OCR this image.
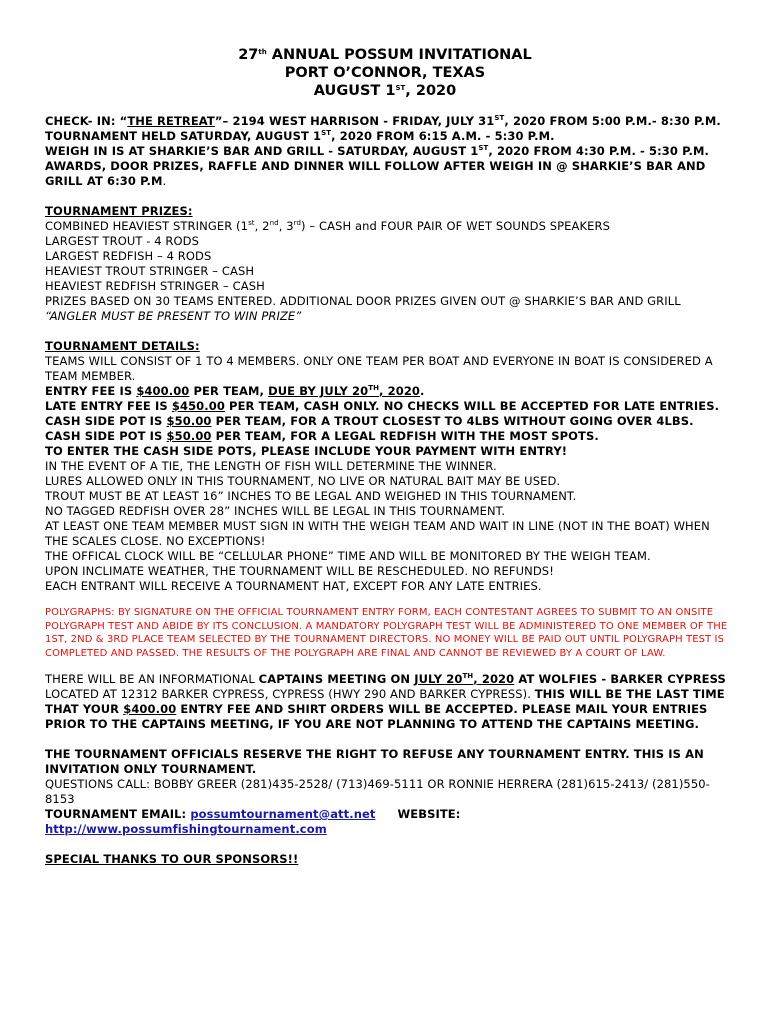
27th ANNUAL POSSUM INVITATIONAL
PORT O’CONNOR, TEXAS
AUGUST 1ST, 2020

CHECK- IN: “THE RETREAT”– 2194 WEST HARRISON - FRIDAY, JULY 31ST, 2020 FROM 5:00 P.M.- 8:30 P.M.

TOURNAMENT HELD SATURDAY, AUGUST 1ST, 2020 FROM 6:15 A.M. - 5:30 P.M.

WEIGH IN IS AT SHARKIE’S BAR AND GRILL - SATURDAY, AUGUST 1ST, 2020 FROM 4:30 P.M. - 5:30 P.M.

AWARDS, DOOR PRIZES, RAFFLE AND DINNER WILL FOLLOW AFTER WEIGH IN @ SHARKIE’S BAR AND GRILL AT 6:30 P.M.

TOURNAMENT PRIZES:

COMBINED HEAVIEST STRINGER (1st, 2nd, 3rd) – CASH and FOUR PAIR OF WET SOUNDS SPEAKERS

LARGEST TROUT - 4 RODS

LARGEST REDFISH – 4 RODS

HEAVIEST TROUT STRINGER – CASH

HEAVIEST REDFISH STRINGER – CASH

PRIZES BASED ON 30 TEAMS ENTERED. ADDITIONAL DOOR PRIZES GIVEN OUT @ SHARKIE’S BAR AND GRILL

“ANGLER MUST BE PRESENT TO WIN PRIZE”

TOURNAMENT DETAILS:

TEAMS WILL CONSIST OF 1 TO 4 MEMBERS. ONLY ONE TEAM PER BOAT AND EVERYONE IN BOAT IS CONSIDERED A TEAM MEMBER.

ENTRY FEE IS $400.00 PER TEAM, DUE BY JULY 20TH, 2020.

LATE ENTRY FEE IS $450.00 PER TEAM, CASH ONLY. NO CHECKS WILL BE ACCEPTED FOR LATE ENTRIES.

CASH SIDE POT IS $50.00 PER TEAM, FOR A TROUT CLOSEST TO 4LBS WITHOUT GOING OVER 4LBS.

CASH SIDE POT IS $50.00 PER TEAM, FOR A LEGAL REDFISH WITH THE MOST SPOTS.

TO ENTER THE CASH SIDE POTS, PLEASE INCLUDE YOUR PAYMENT WITH ENTRY!

IN THE EVENT OF A TIE, THE LENGTH OF FISH WILL DETERMINE THE WINNER.

LURES ALLOWED ONLY IN THIS TOURNAMENT, NO LIVE OR NATURAL BAIT MAY BE USED.

TROUT MUST BE AT LEAST 16” INCHES TO BE LEGAL AND WEIGHED IN THIS TOURNAMENT.

NO TAGGED REDFISH OVER 28” INCHES WILL BE LEGAL IN THIS TOURNAMENT.

AT LEAST ONE TEAM MEMBER MUST SIGN IN WITH THE WEIGH TEAM AND WAIT IN LINE (NOT IN THE BOAT) WHEN THE SCALES CLOSE. NO EXCEPTIONS!

THE OFFICAL CLOCK WILL BE “CELLULAR PHONE” TIME AND WILL BE MONITORED BY THE WEIGH TEAM.

UPON INCLIMATE WEATHER, THE TOURNAMENT WILL BE RESCHEDULED. NO REFUNDS!

EACH ENTRANT WILL RECEIVE A TOURNAMENT HAT, EXCEPT FOR ANY LATE ENTRIES.

POLYGRAPHS: BY SIGNATURE ON THE OFFICIAL TOURNAMENT ENTRY FORM, EACH CONTESTANT AGREES TO SUBMIT TO AN ONSITE POLYGRAPH TEST AND ABIDE BY ITS CONCLUSION. A MANDATORY POLYGRAPH TEST WILL BE ADMINISTERED TO ONE MEMBER OF THE 1ST, 2ND & 3RD PLACE TEAM SELECTED BY THE TOURNAMENT DIRECTORS. NO MONEY WILL BE PAID OUT UNTIL POLYGRAPH TEST IS COMPLETED AND PASSED. THE RESULTS OF THE POLYGRAPH ARE FINAL AND CANNOT BE REVIEWED BY A COURT OF LAW.

THERE WILL BE AN INFORMATIONAL CAPTAINS MEETING ON JULY 20TH, 2020 AT WOLFIES - BARKER CYPRESS LOCATED AT 12312 BARKER CYPRESS, CYPRESS (HWY 290 AND BARKER CYPRESS). THIS WILL BE THE LAST TIME THAT YOUR $400.00 ENTRY FEE AND SHIRT ORDERS WILL BE ACCEPTED. PLEASE MAIL YOUR ENTRIES PRIOR TO THE CAPTAINS MEETING, IF YOU ARE NOT PLANNING TO ATTEND THE CAPTAINS MEETING.

THE TOURNAMENT OFFICIALS RESERVE THE RIGHT TO REFUSE ANY TOURNAMENT ENTRY. THIS IS AN INVITATION ONLY TOURNAMENT.

QUESTIONS CALL: BOBBY GREER (281)435-2528/ (713)469-5111 OR RONNIE HERRERA (281)615-2413/ (281)550-8153

TOURNAMENT EMAIL: possumtournament@att.net WEBSITE:
http://www.possumfishingtournament.com

SPECIAL THANKS TO OUR SPONSORS!!
